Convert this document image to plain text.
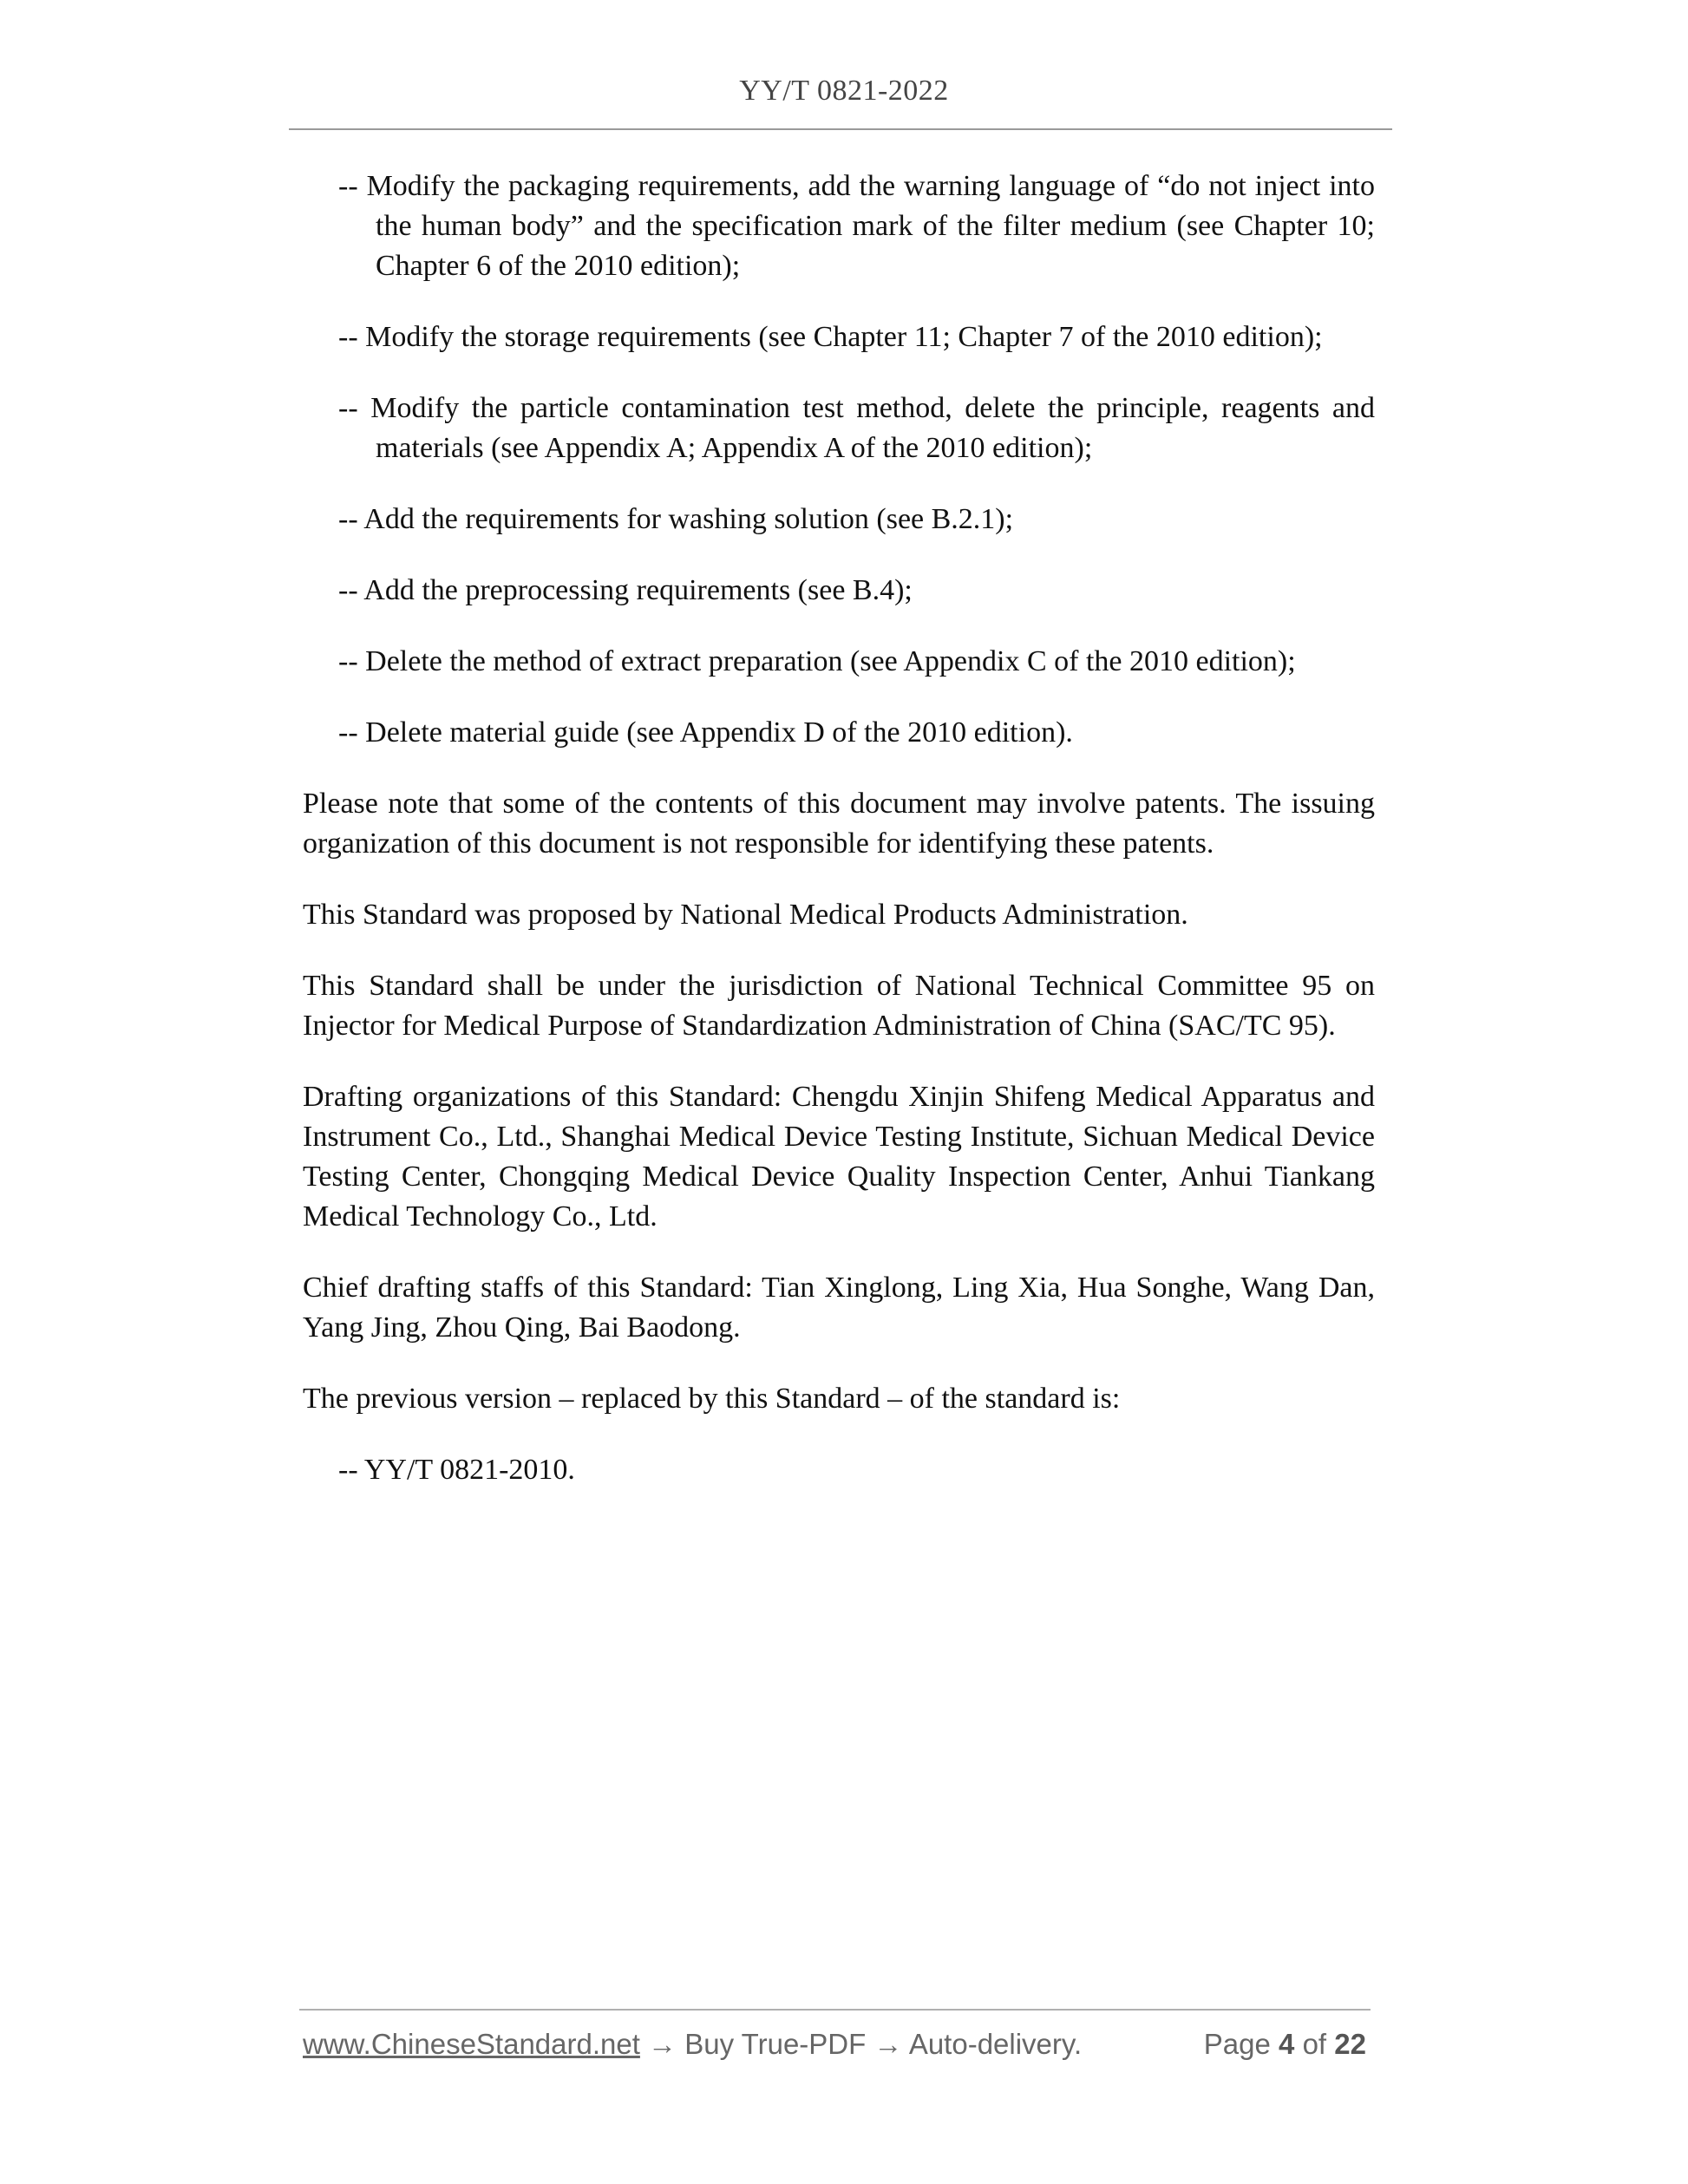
YY/T 0821-2022
-- Modify the packaging requirements, add the warning language of “do not inject into the human body” and the specification mark of the filter medium (see Chapter 10; Chapter 6 of the 2010 edition);
-- Modify the storage requirements (see Chapter 11; Chapter 7 of the 2010 edition);
-- Modify the particle contamination test method, delete the principle, reagents and materials (see Appendix A; Appendix A of the 2010 edition);
-- Add the requirements for washing solution (see B.2.1);
-- Add the preprocessing requirements (see B.4);
-- Delete the method of extract preparation (see Appendix C of the 2010 edition);
-- Delete material guide (see Appendix D of the 2010 edition).
Please note that some of the contents of this document may involve patents. The issuing organization of this document is not responsible for identifying these patents.
This Standard was proposed by National Medical Products Administration.
This Standard shall be under the jurisdiction of National Technical Committee 95 on Injector for Medical Purpose of Standardization Administration of China (SAC/TC 95).
Drafting organizations of this Standard: Chengdu Xinjin Shifeng Medical Apparatus and Instrument Co., Ltd., Shanghai Medical Device Testing Institute, Sichuan Medical Device Testing Center, Chongqing Medical Device Quality Inspection Center, Anhui Tiankang Medical Technology Co., Ltd.
Chief drafting staffs of this Standard: Tian Xinglong, Ling Xia, Hua Songhe, Wang Dan, Yang Jing, Zhou Qing, Bai Baodong.
The previous version – replaced by this Standard – of the standard is:
-- YY/T 0821-2010.
www.ChineseStandard.net → Buy True-PDF → Auto-delivery.	Page 4 of 22
